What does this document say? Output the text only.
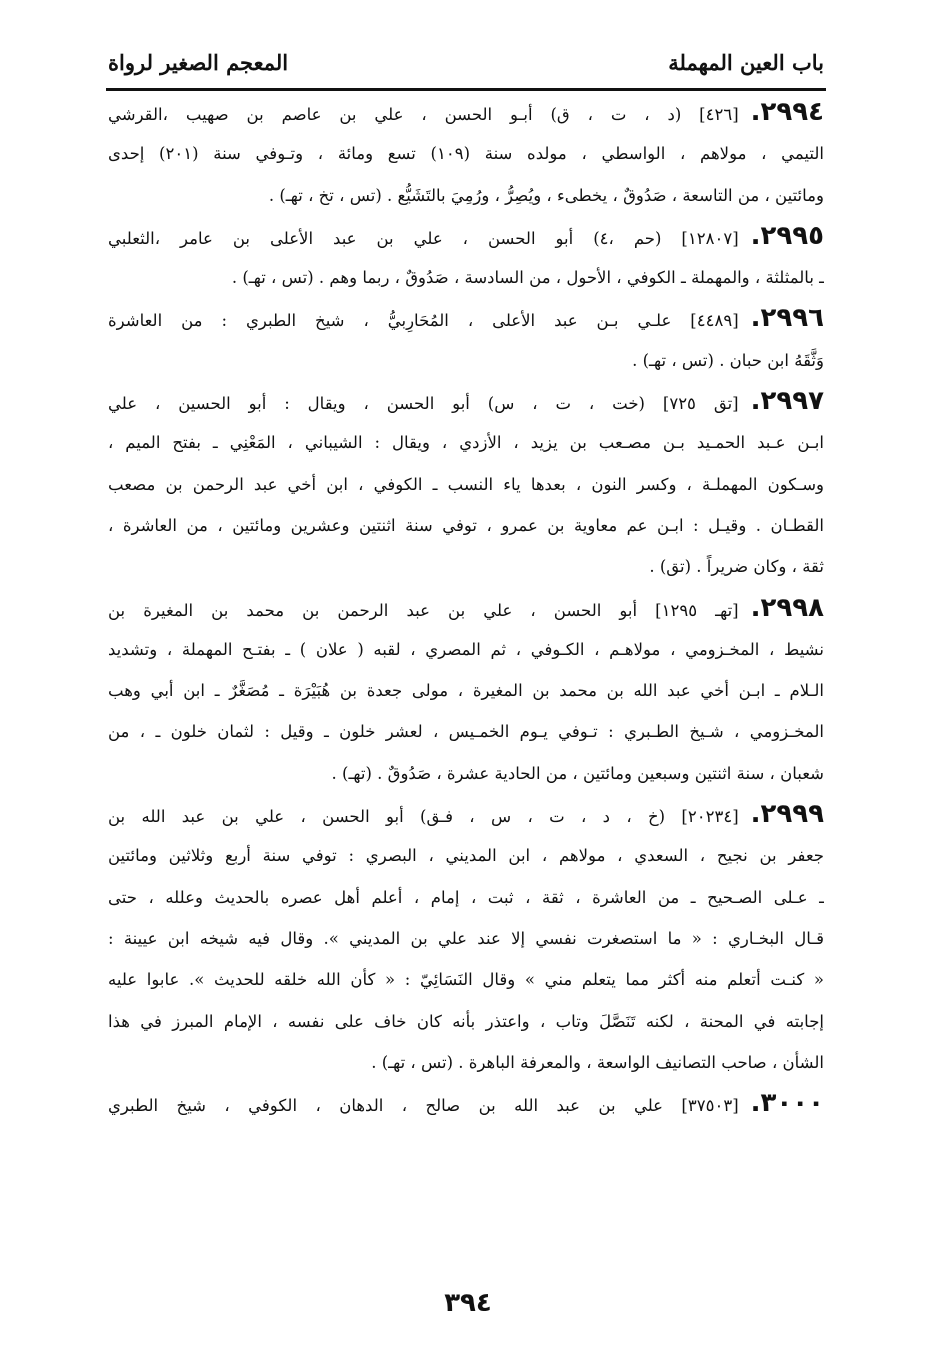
باب العين المهملة
المعجم الصغير لرواة
٢٩٩٤.[٤٢٦] (د ، ت ، ق) أبـو الحسن ، علي بن عاصم بن صهيب ،القرشي
التيمي ، مولاهم ، الواسطي ، مولده سنة (١٠٩) تسع ومائة ، وتـوفي سنة (٢٠١) إحدى
ومائتين ، من التاسعة ، صَدُوقٌ ، يخطىء ، ويُصِرُّ ، ورُمِيَ بالتَشَيُّع . (تس ، تخ ، تهـ) .
٢٩٩٥.[١٢٨٠٧] (حم ،٤) أبو الحسن ، علي بن عبد الأعلى بن عامر ،الثعلبي
ـ بالمثلثة ، والمهملة ـ الكوفي ، الأحول ، من السادسة ، صَدُوقٌ ، ربما وهم . (تس ، تهـ) .
٢٩٩٦.[٤٤٨٩] علـي بـن عبد الأعلى ، المُحَارِبيُّ ، شيخ الطبري : من العاشرة
وَثَّقَهُ ابن حبان . (تس ، تهـ) .
٢٩٩٧.[تق ٧٢٥] (خت ، ت ، س) أبو الحسن ، ويقال : أبو الحسين ، علي
ابـن عـبد الحمـيد بـن مصـعب بن يزيد ، الأزدي ، ويقال : الشيباني ، المَعْنِي ـ بفتح الميم ،
وسـكون المهملـة ، وكسر النون ، بعدها ياء النسب ـ الكوفي ، ابن أخي عبد الرحمن بن مصعب
القطـان . وقيـل : ابـن عم معاوية بن عمرو ، توفي سنة اثنتين وعشرين ومائتين ، من العاشرة ،
ثقة ، وكان ضريراً . (تق) .
٢٩٩٨.[تهـ ١٢٩٥] أبو الحسن ، علي بن عبد الرحمن بن محمد بن المغيرة بن
نشيط ، المخـزومي ، مولاهـم ، الكـوفي ، ثم المصري ، لقبه ( علان ) ـ بفتـح المهملة ، وتشديد
الـلام ـ ابـن أخي عبد الله بن محمد بن المغيرة ، مولى جعدة بن هُبَيْرَة ـ مُصَغَّرٌ ـ ابن أبي وهب
المخـزومي ، شـيخ الطـبري : تـوفي يـوم الخمـيس ، لعشر خلون ـ وقيل : لثمان خلون ـ ، من
شعبان ، سنة اثنتين وسبعين ومائتين ، من الحادية عشرة ، صَدُوقٌ . (تهـ) .
٢٩٩٩.[٢٠٢٣٤] (خ ، د ، ت ، س ، فـق) أبو الحسن ، علي بن عبد الله بن
جعفر بن نجيح ، السعدي ، مولاهم ، ابن المديني ، البصري : توفي سنة أربع وثلاثين ومائتين
ـ عـلى الصـحيح ـ من العاشرة ، ثقة ، ثبت ، إمام ، أعلم أهل عصره بالحديث وعلله ، حتى
قـال البخـاري : « ما استصغرت نفسي إلا عند علي بن المديني ». وقال فيه شيخه ابن عيينة :
« كنـت أتعلم منه أكثر مما يتعلم مني » وقال النَسَائِيّ : « كأن الله خلقه للحديث ». عابوا عليه
إجابته في المحنة ، لكنه تَنَصَّلَ وتاب ، واعتذر بأنه كان خاف على نفسه ، الإمام المبرز في هذا
الشأن ، صاحب التصانيف الواسعة ، والمعرفة الباهرة . (تس ، تهـ) .
٣٠٠٠.[٣٧٥٠٣] علي بن عبد الله بن صالح ، الدهان ، الكوفي ، شيخ الطبري
٣٩٤
